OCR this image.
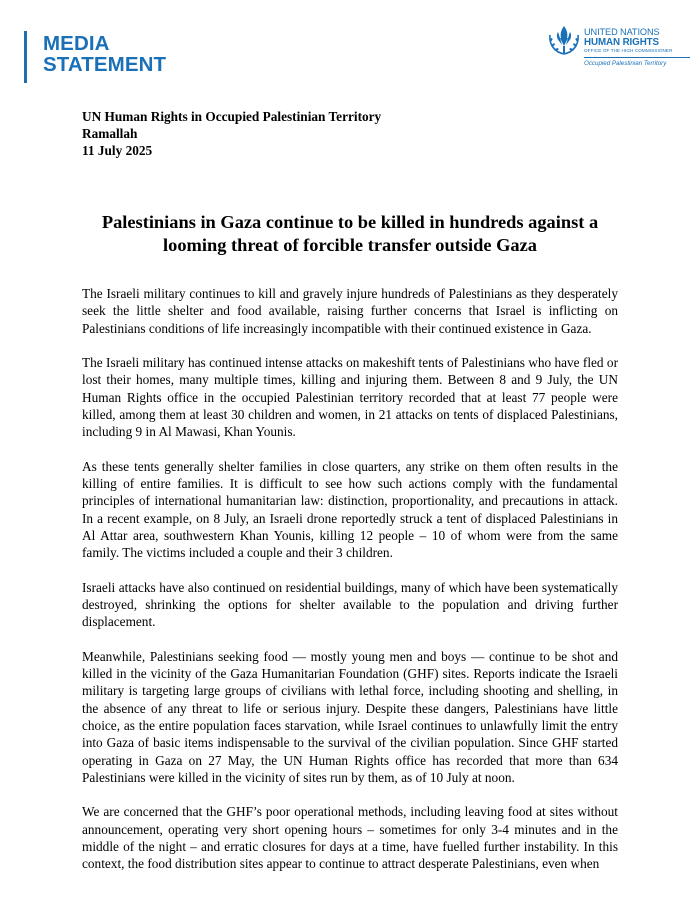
MEDIA
STATEMENT
UNITED NATIONS
HUMAN RIGHTS
OFFICE OF THE HIGH COMMISSIONER
Occupied Palestinian Territory
UN Human Rights in Occupied Palestinian Territory
Ramallah
11 July 2025
Palestinians in Gaza continue to be killed in hundreds against a looming threat of forcible transfer outside Gaza

The Israeli military continues to kill and gravely injure hundreds of Palestinians as they desperately seek the little shelter and food available, raising further concerns that Israel is inflicting on Palestinians conditions of life increasingly incompatible with their continued existence in Gaza.

The Israeli military has continued intense attacks on makeshift tents of Palestinians who have fled or lost their homes, many multiple times, killing and injuring them. Between 8 and 9 July, the UN Human Rights office in the occupied Palestinian territory recorded that at least 77 people were killed, among them at least 30 children and women, in 21 attacks on tents of displaced Palestinians, including 9 in Al Mawasi, Khan Younis.

As these tents generally shelter families in close quarters, any strike on them often results in the killing of entire families. It is difficult to see how such actions comply with the fundamental principles of international humanitarian law: distinction, proportionality, and precautions in attack. In a recent example, on 8 July, an Israeli drone reportedly struck a tent of displaced Palestinians in Al Attar area, southwestern Khan Younis, killing 12 people – 10 of whom were from the same family. The victims included a couple and their 3 children.

Israeli attacks have also continued on residential buildings, many of which have been systematically destroyed, shrinking the options for shelter available to the population and driving further displacement.

Meanwhile, Palestinians seeking food — mostly young men and boys — continue to be shot and killed in the vicinity of the Gaza Humanitarian Foundation (GHF) sites. Reports indicate the Israeli military is targeting large groups of civilians with lethal force, including shooting and shelling, in the absence of any threat to life or serious injury. Despite these dangers, Palestinians have little choice, as the entire population faces starvation, while Israel continues to unlawfully limit the entry into Gaza of basic items indispensable to the survival of the civilian population. Since GHF started operating in Gaza on 27 May, the UN Human Rights office has recorded that more than 634 Palestinians were killed in the vicinity of sites run by them, as of 10 July at noon.

We are concerned that the GHF’s poor operational methods, including leaving food at sites without announcement, operating very short opening hours – sometimes for only 3-4 minutes and in the middle of the night – and erratic closures for days at a time, have fuelled further instability. In this context, the food distribution sites appear to continue to attract desperate Palestinians, even when
